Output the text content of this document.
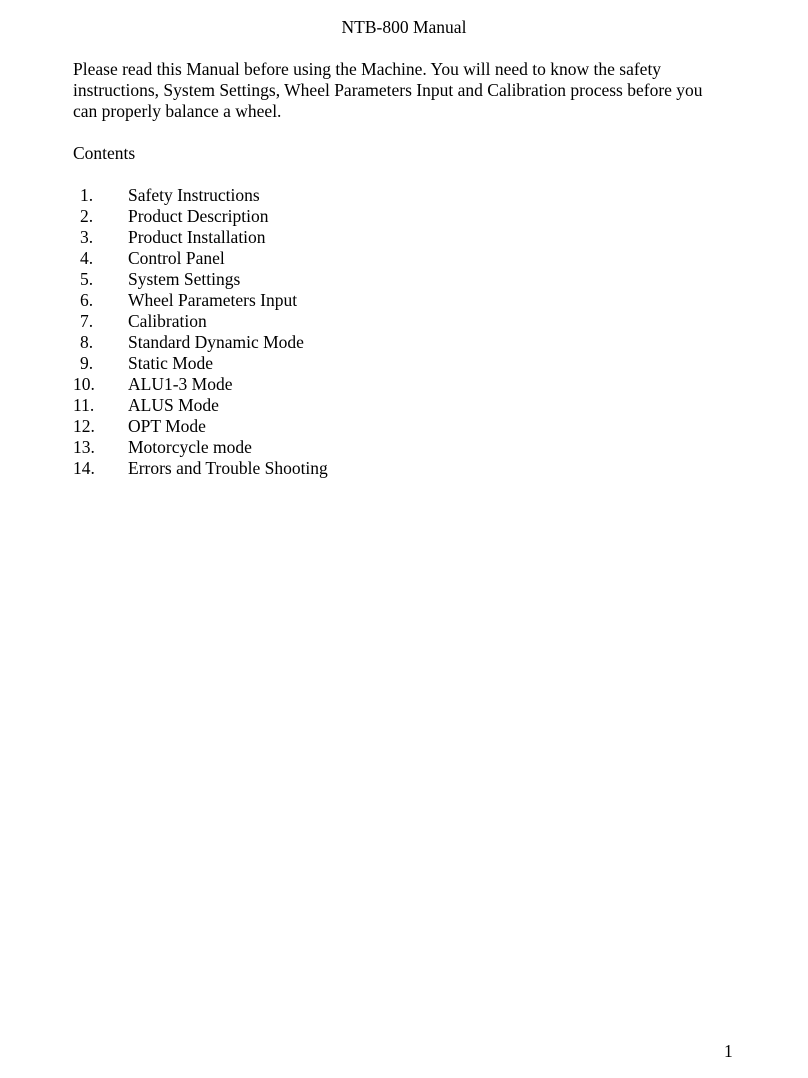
NTB-800 Manual

Please read this Manual before using the Machine. You will need to know the safety
instructions, System Settings, Wheel Parameters Input and Calibration process before you
can properly balance a wheel.

Contents
1. Safety Instructions
2. Product Description
3. Product Installation
4. Control Panel
5. System Settings
6. Wheel Parameters Input
7. Calibration
8. Standard Dynamic Mode
9. Static Mode
10. ALU1-3 Mode
11. ALUS Mode
12. OPT Mode
13. Motorcycle mode
14. Errors and Trouble Shooting
1
